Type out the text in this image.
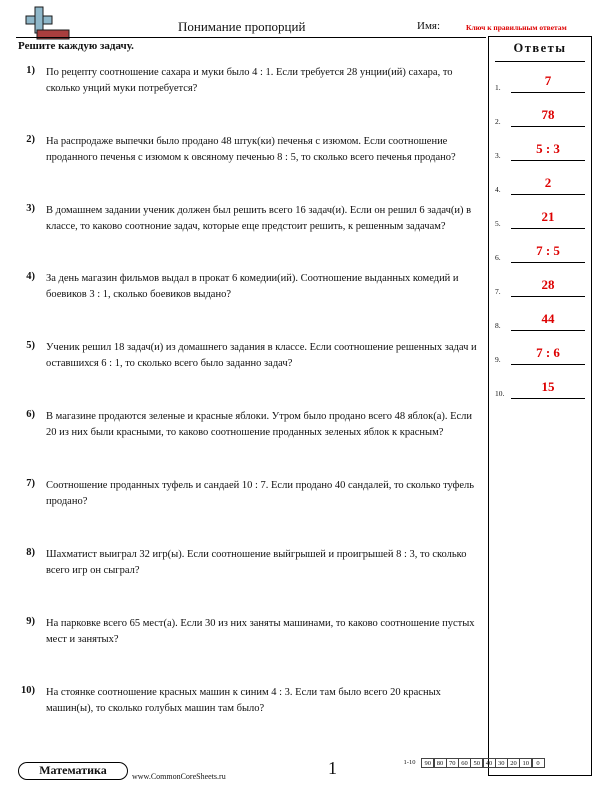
Понимание пропорций	Имя:	Ключ к правильным ответам
Решите каждую задачу.
1) По рецепту соотношение сахара и муки было 4 : 1. Если требуется 28 унции(ий) сахара, то сколько унций муки потребуется?
2) На распродаже выпечки было продано 48 штук(ки) печенья с изюмом. Если соотношение проданного печенья с изюмом к овсяному печенью 8 : 5, то сколько всего печенья продано?
3) В домашнем задании ученик должен был решить всего 16 задач(и). Если он решил 6 задач(и) в классе, то каково соотноние задач, которые еще предстоит решить, к решенным задачам?
4) За день магазин фильмов выдал в прокат 6 комедии(ий). Соотношение выданных комедий и боевиков 3 : 1, сколько боевиков выдано?
5) Ученик решил 18 задач(и) из домашнего задания в классе. Если соотношение решенных задач и оставшихся 6 : 1, то сколько всего было заданно задач?
6) В магазине продаются зеленые и красные яблоки. Утром было продано всего 48 яблок(а). Если 20 из них были красными, то каково соотношение проданных зеленых яблок к красным?
7) Соотношение проданных туфель и сандаей 10 : 7. Если продано 40 сандалей, то сколько туфель продано?
8) Шахматист выиграл 32 игр(ы). Если соотношение выйгрышей и проигрышей 8 : 3, то сколько всего игр он сыграл?
9) На парковке всего 65 мест(а). Если 30 из них заняты машинами, то каково соотношение пустых мест и занятых?
10) На стоянке соотношение красных машин к синим 4 : 3. Если там было всего 20 красных машин(ы), то сколько голубых машин там было?
Ответы
1.	7
2.	78
3.	5 : 3
4.	2
5.	21
6.	7 : 5
7.	28
8.	44
9.	7 : 6
10.	15
Математика	www.CommonCoreSheets.ru	1	1-10	90 80 70 60 50 40 30 20 10	0
